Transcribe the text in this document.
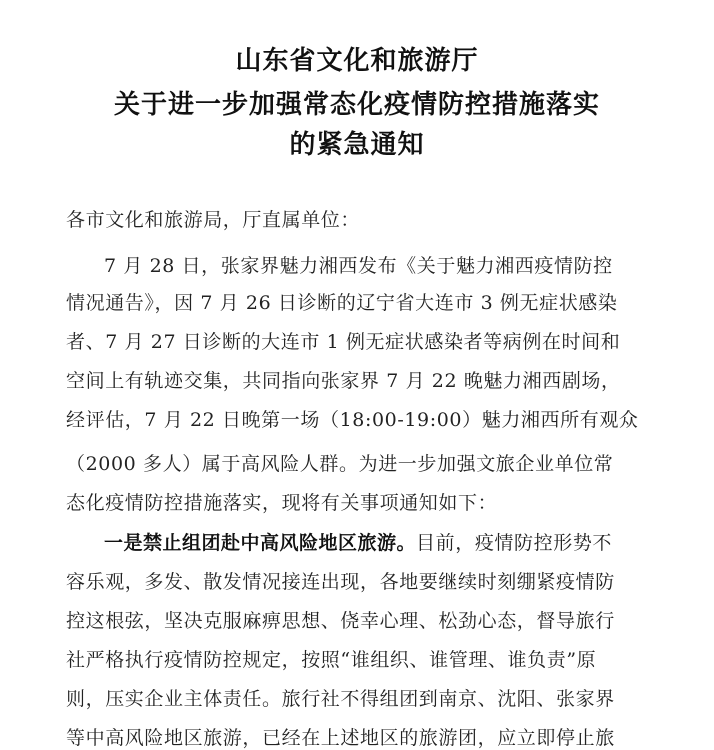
山东省文化和旅游厅
关于进一步加强常态化疫情防控措施落实
的紧急通知
各市文化和旅游局，厅直属单位：
7 月 28 日，张家界魅力湘西发布《关于魅力湘西疫情防控
情况通告》，因 7 月 26 日诊断的辽宁省大连市 3 例无症状感染
者、7 月 27 日诊断的大连市 1 例无症状感染者等病例在时间和
空间上有轨迹交集，共同指向张家界 7 月 22 晚魅力湘西剧场，
经评估，7 月 22 日晚第一场（18:00-19:00）魅力湘西所有观众
（2000 多人）属于高风险人群。为进一步加强文旅企业单位常
态化疫情防控措施落实，现将有关事项通知如下：
一是禁止组团赴中高风险地区旅游。目前，疫情防控形势不
容乐观，多发、散发情况接连出现，各地要继续时刻绷紧疫情防
控这根弦，坚决克服麻痹思想、侥幸心理、松劲心态，督导旅行
社严格执行疫情防控规定，按照“谁组织、谁管理、谁负责”原
则，压实企业主体责任。旅行社不得组团到南京、沈阳、张家界
等中高风险地区旅游，已经在上述地区的旅游团，应立即停止旅
